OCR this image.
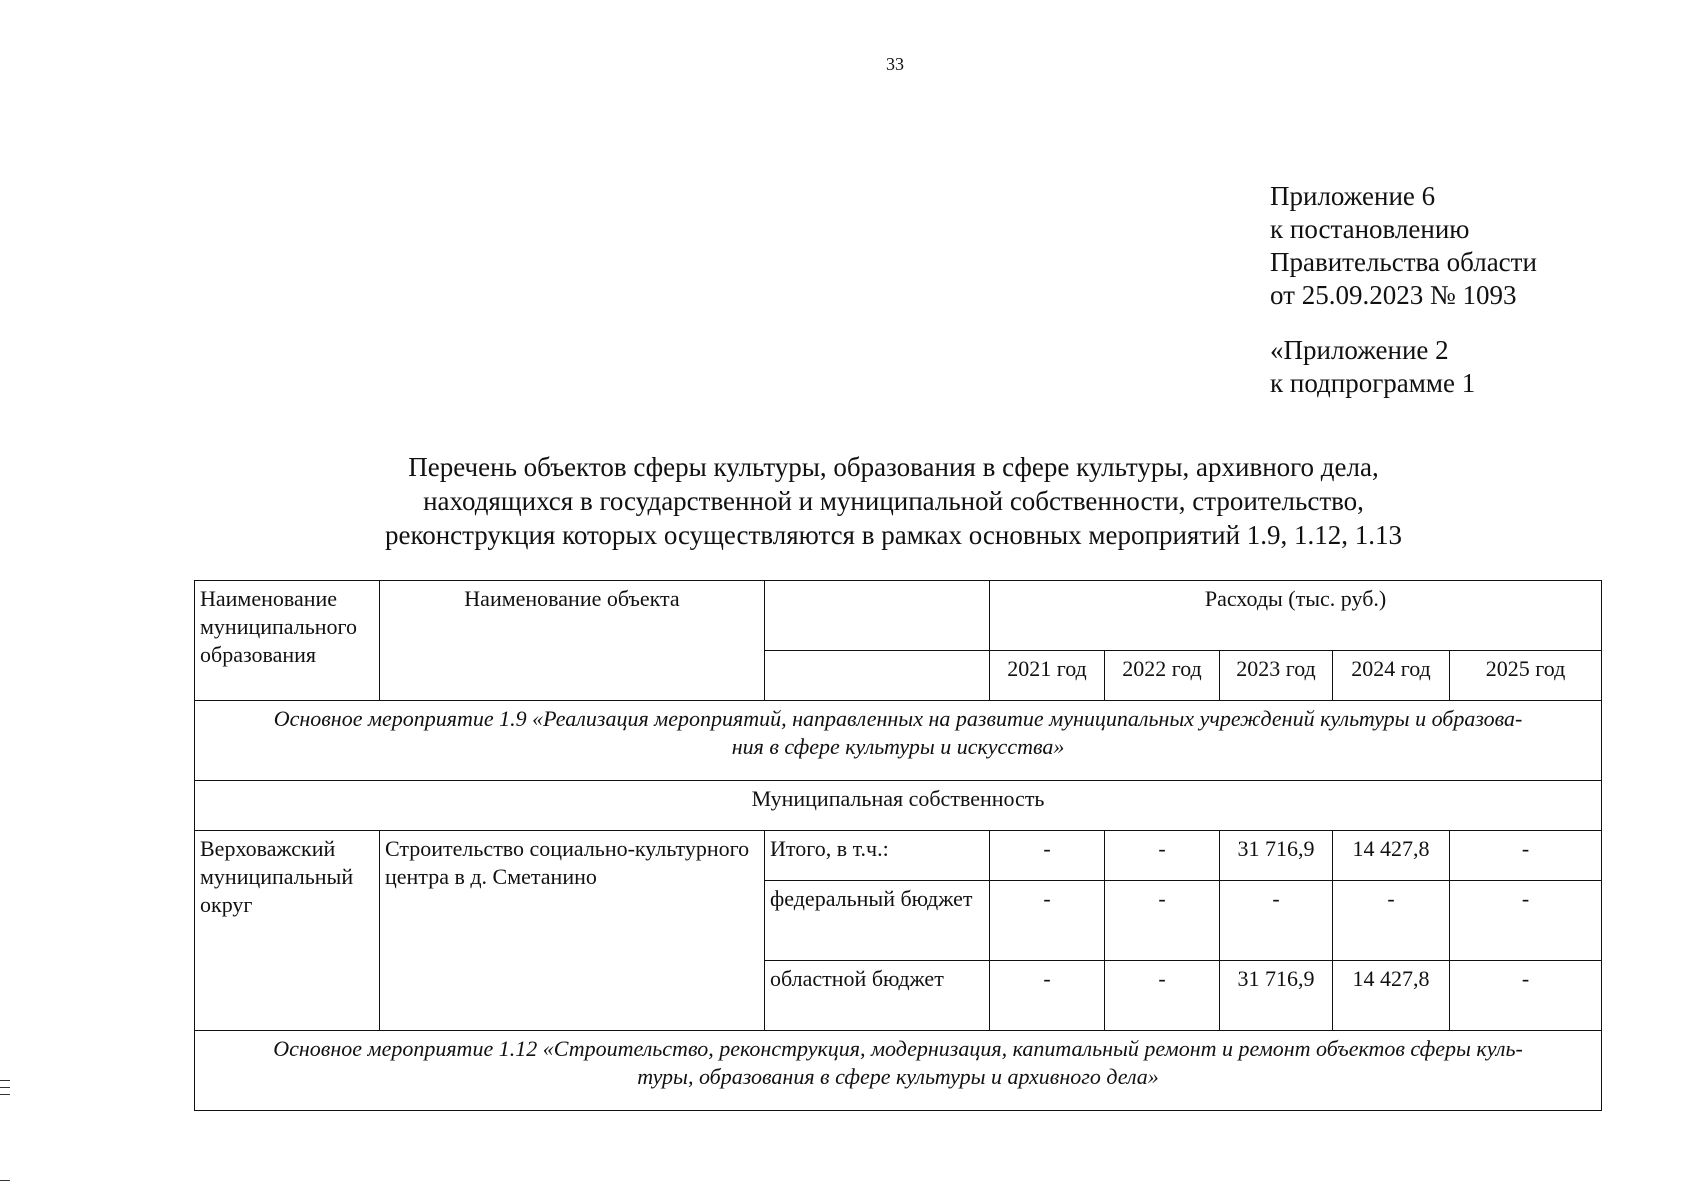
33
Приложение 6
к постановлению
Правительства области
от 25.09.2023 № 1093
«Приложение 2
к подпрограмме 1
Перечень объектов сферы культуры, образования в сфере культуры, архивного дела,
находящихся в государственной и муниципальной собственности, строительство,
реконструкция которых осуществляются в рамках основных мероприятий 1.9, 1.12, 1.13
Наименование муниципального образования	Наименование объекта		Расходы (тыс. руб.)				
			2021 год	2022 год	2023 год	2024 год	2025 год

Основное мероприятие 1.9 «Реализация мероприятий, направленных на развитие муниципальных учреждений культуры и образова-
ния в сфере культуры и искусства»							

Муниципальная собственность							
Верховажский муниципальный округ	Строительство социально-культурного центра в д. Сметанино	Итого, в т.ч.:	-	-	31 716,9	14 427,8	-
		федеральный бюджет	-	-	-	-	-
		областной бюджет	-	-	31 716,9	14 427,8	-

Основное мероприятие 1.12 «Строительство, реконструкция, модернизация, капитальный ремонт и ремонт объектов сферы куль-
туры, образования в сфере культуры и архивного дела»							
